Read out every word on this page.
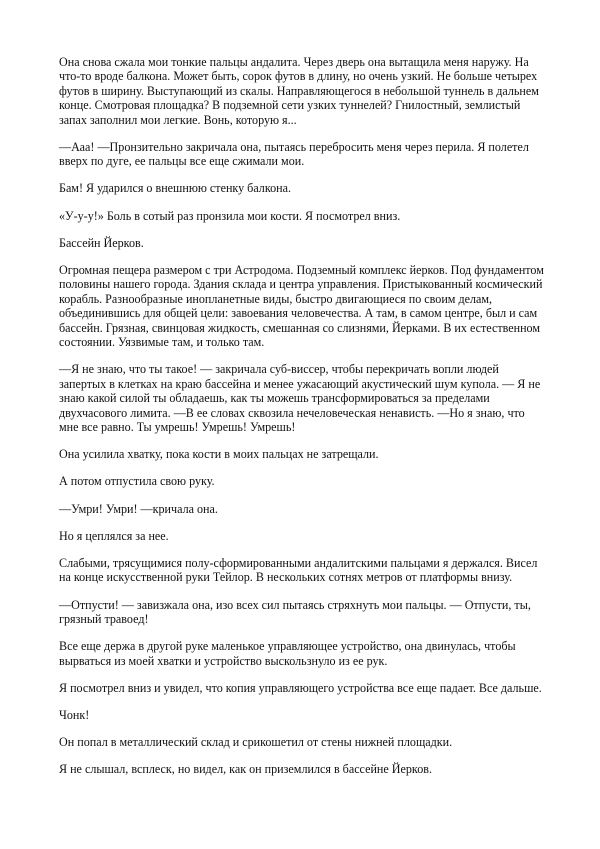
Она снова сжала мои тонкие пальцы андалита. Через дверь она вытащила меня наружу. На что-то вроде балкона. Может быть, сорок футов в длину, но очень узкий. Не больше четырех футов в ширину. Выступающий из скалы. Направляющегося в небольшой туннель в дальнем конце. Смотровая площадка? В подземной сети узких туннелей? Гнилостный, землистый запах заполнил мои легкие. Вонь, которую я...

—Ааа! —Пронзительно закричала она, пытаясь перебросить меня через перила. Я полетел вверх по дуге, ее пальцы все еще сжимали мои.

Бам! Я ударился о внешнюю стенку балкона.

«У-у-у!» Боль в сотый раз пронзила мои кости. Я посмотрел вниз.

Бассейн Йерков.

Огромная пещера размером с три Астродома. Подземный комплекс йерков. Под фундаментом половины нашего города. Здания склада и центра управления. Пристыкованный космический корабль. Разнообразные инопланетные виды, быстро двигающиеся по своим делам, объединившись для общей цели: завоевания человечества. А там, в самом центре, был и сам бассейн. Грязная, свинцовая жидкость, смешанная со слизнями, Йерками. В их естественном состоянии. Уязвимые там, и только там.

—Я не знаю, что ты такое! — закричала суб-виссер, чтобы перекричать вопли людей запертых в клетках на краю бассейна и менее ужасающий акустический шум купола. — Я не знаю какой силой ты обладаешь, как ты можешь трансформироваться за пределами двухчасового лимита. —В ее словах сквозила нечеловеческая ненависть. —Но я знаю, что мне все равно. Ты умрешь! Умрешь! Умрешь!

Она усилила хватку, пока кости в моих пальцах не затрещали.

А потом отпустила свою руку.

—Умри! Умри! —кричала она.

Но я цеплялся за нее.

Слабыми, трясущимися полу-сформированными андалитскими пальцами я держался. Висел на конце искусственной руки Тейлор. В нескольких сотнях метров от платформы внизу.

—Отпусти! — завизжала она, изо всех сил пытаясь стряхнуть мои пальцы. — Отпусти, ты, грязный травоед!

Все еще держа в другой руке маленькое управляющее устройство, она двинулась, чтобы вырваться из моей хватки и устройство выскользнуло из ее рук.

Я посмотрел вниз и увидел, что копия управляющего устройства все еще падает. Все дальше.

Чонк!

Он попал в металлический склад и срикошетил от стены нижней площадки.

Я не слышал, всплеск, но видел, как он приземлился в бассейне Йерков.
